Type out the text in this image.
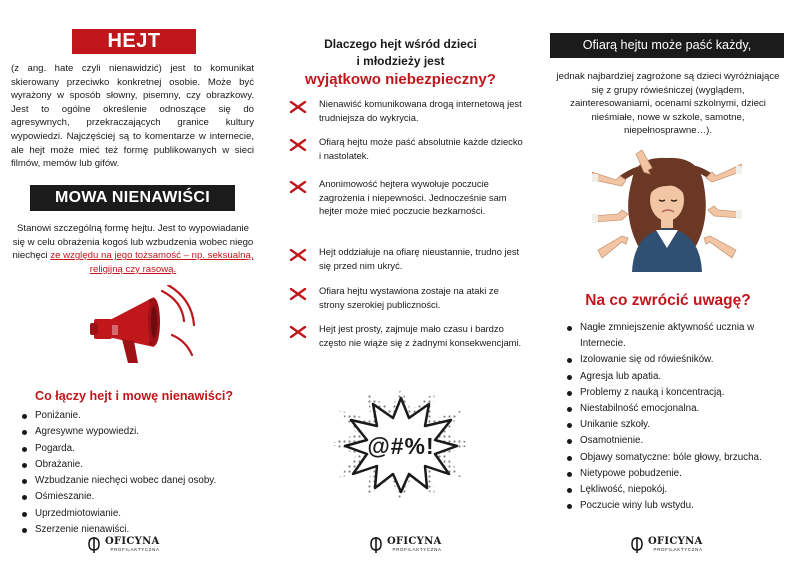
HEJT

(z ang. hate czyli nienawidzić) jest to komunikat skierowany przeciwko konkretnej osobie. Może być wyrażony w sposób słowny, pisemny, czy obrazkowy. Jest to ogólne określenie odnoszące się do agresywnych, przekraczających granice kultury wypowiedzi. Najczęściej są to komentarze w internecie, ale hejt może mieć też formę publikowanych w sieci filmów, memów lub gifów.

MOWA NIENAWIŚCI

Stanowi szczególną formę hejtu. Jest to wypowiadanie się w celu obrażenia kogoś lub wzbudzenia wobec niego niechęci ze względu na jego tożsamość – np. seksualną, religijną czy rasową.

Co łączy hejt i mowę nienawiści?
Poniżanie.
Agresywne wypowiedzi.
Pogarda.
Obrażanie.
Wzbudzanie niechęci wobec danej osoby.
Ośmieszanie.
Uprzedmiotowianie.
Szerzenie nienawiści.
OFICYNA
PROFILAKTYCZNA
Dlaczego hejt wśród dzieci
i młodzieży jest
wyjątkowo niebezpieczny?
Nienawiść komunikowana drogą internetową jest trudniejsza do wykrycia.
Ofiarą hejtu może paść absolutnie każde dziecko i nastolatek.
Anonimowość hejtera wywołuje poczucie zagrożenia i niepewności. Jednocześnie sam hejter może mieć poczucie bezkarności.
Hejt oddziałuje na ofiarę nieustannie, trudno jest się przed nim ukryć.
Ofiara hejtu wystawiona zostaje na ataki ze strony szerokiej publiczności.
Hejt jest prosty, zajmuje mało czasu i bardzo często nie wiąże się z żadnymi konsekwencjami.
@#%!
OFICYNA
PROFILAKTYCZNA
Ofiarą hejtu może paść każdy,

jednak najbardziej zagrożone są dzieci wyróżniające się z grupy rówieśniczej (wyglądem, zainteresowaniami, ocenami szkolnymi, dzieci nieśmiałe, nowe w szkole, samotne, niepełnosprawne…).

Na co zwrócić uwagę?
Nagłe zmniejszenie aktywność ucznia w Internecie.
Izolowanie się od rówieśników.
Agresja lub apatia.
Problemy z nauką i koncentracją.
Niestabilność emocjonalna.
Unikanie szkoły.
Osamotnienie.
Objawy somatyczne: bóle głowy, brzucha.
Nietypowe pobudzenie.
Lękliwość, niepokój.
Poczucie winy lub wstydu.
OFICYNA
PROFILAKTYCZNA
